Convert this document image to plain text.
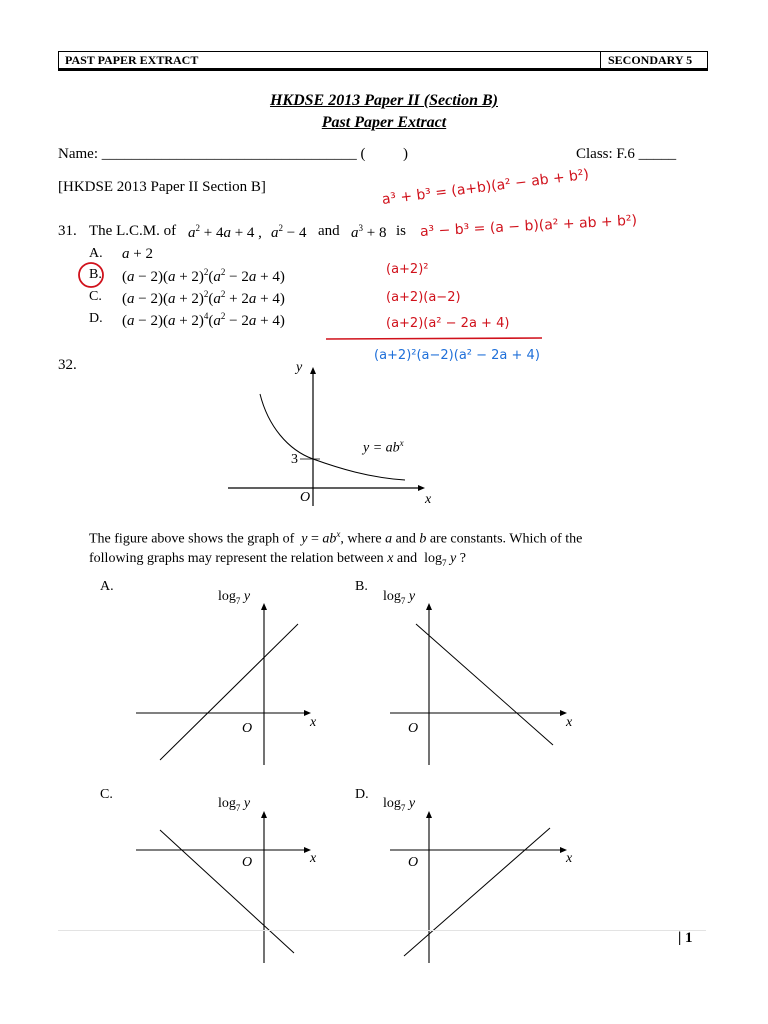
PAST PAPER EXTRACT	SECONDARY 5
HKDSE 2013 Paper II (Section B)
Past Paper Extract
Name: __________________________________ (          )	Class: F.6 _____
[HKDSE 2013 Paper II Section B]
31. The L.C.M. of $a^2 + 4a + 4$ , $a^2 - 4$ and $a^3 + 8$ is
A. a + 2
B. $(a - 2)(a + 2)^2(a^2 - 2a + 4)$
C. $(a - 2)(a + 2)^2(a^2 + 2a + 4)$
D. $(a - 2)(a + 2)^4(a^2 - 2a + 4)$
a³ + b³ = (a+b)(a² − ab + b²)
a³ − b³ = (a − b)(a² + ab + b²)
(a+2)²
(a+2)(a−2)
(a+2)(a² − 2a + 4)
(a+2)²(a−2)(a² − 2a + 4)
32.	y
x
O
3
$y = ab^x$
The figure above shows the graph of $y = ab^x$, where a and b are constants. Which of the
following graphs may represent the relation between x and  $\log_7 y$ ?
A.
$\log_7 y$
O	x
B.
$\log_7 y$
O	x
C.
$\log_7 y$
O	x
D.
$\log_7 y$
O	x
| 1
